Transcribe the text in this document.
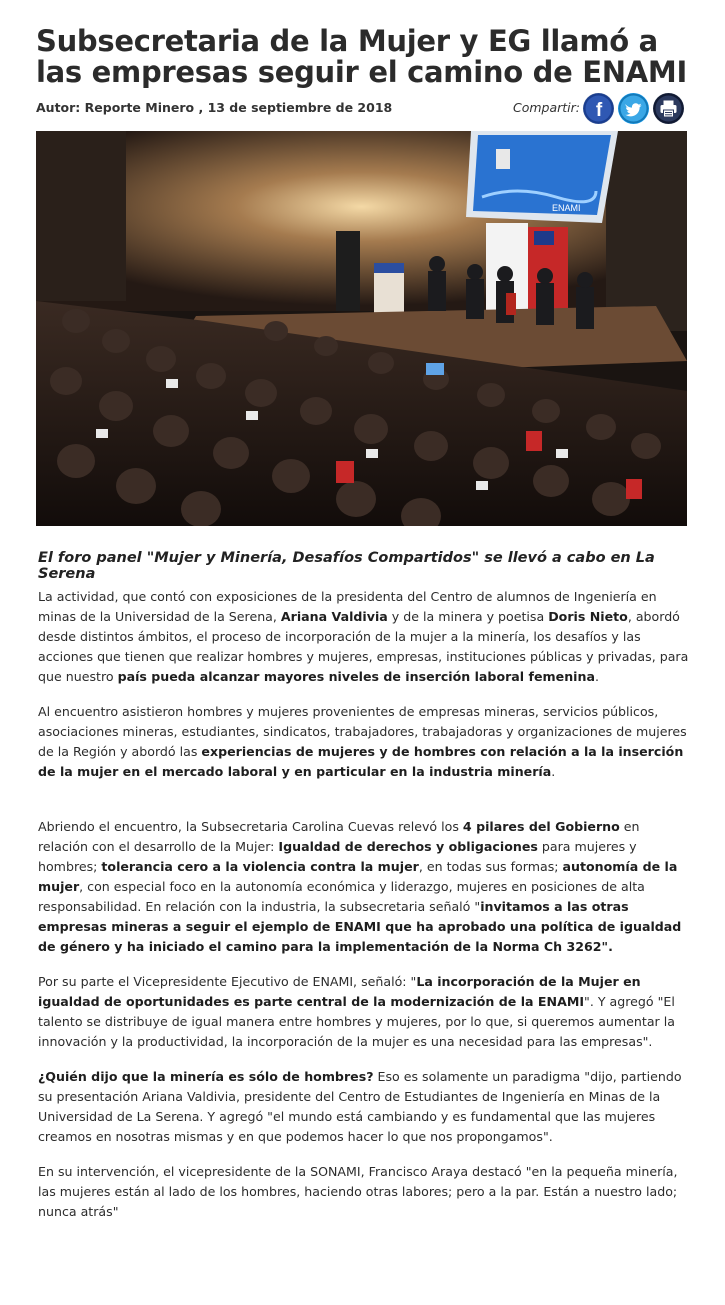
Subsecretaria de la Mujer y EG llamó a las empresas seguir el camino de ENAMI
Autor: Reporte Minero , 13 de septiembre de 2018	Compartir: f
ENAMI
El foro panel "Mujer y Minería, Desafíos Compartidos" se llevó a cabo en La Serena

La actividad, que contó con exposiciones de la presidenta del Centro de alumnos de Ingeniería en minas de la Universidad de la Serena, Ariana Valdivia y de la minera y poetisa Doris Nieto, abordó desde distintos ámbitos, el proceso de incorporación de la mujer a la minería, los desafíos y las acciones que tienen que realizar hombres y mujeres, empresas, instituciones públicas y privadas, para que nuestro país pueda alcanzar mayores niveles de inserción laboral femenina.

Al encuentro asistieron hombres y mujeres provenientes de empresas mineras, servicios públicos, asociaciones mineras, estudiantes, sindicatos, trabajadores, trabajadoras y organizaciones de mujeres de la Región y abordó las experiencias de mujeres y de hombres con relación a la la inserción de la mujer en el mercado laboral y en particular en la industria minería.

Abriendo el encuentro, la Subsecretaria Carolina Cuevas relevó los 4 pilares del Gobierno en relación con el desarrollo de la Mujer: Igualdad de derechos y obligaciones para mujeres y hombres; tolerancia cero a la violencia contra la mujer, en todas sus formas; autonomía de la mujer, con especial foco en la autonomía económica y liderazgo, mujeres en posiciones de alta responsabilidad. En relación con la industria, la subsecretaria señaló "invitamos a las otras empresas mineras a seguir el ejemplo de ENAMI que ha aprobado una política de igualdad de género y ha iniciado el camino para la implementación de la Norma Ch 3262".

Por su parte el Vicepresidente Ejecutivo de ENAMI, señaló: "La incorporación de la Mujer en igualdad de oportunidades es parte central de la modernización de la ENAMI". Y agregó "El talento se distribuye de igual manera entre hombres y mujeres, por lo que, si queremos aumentar la innovación y la productividad, la incorporación de la mujer es una necesidad para las empresas".

¿Quién dijo que la minería es sólo de hombres? Eso es solamente un paradigma "dijo, partiendo su presentación Ariana Valdivia, presidente del Centro de Estudiantes de Ingeniería en Minas de la Universidad de La Serena. Y agregó "el mundo está cambiando y es fundamental que las mujeres creamos en nosotras mismas y en que podemos hacer lo que nos propongamos".

En su intervención, el vicepresidente de la SONAMI, Francisco Araya destacó "en la pequeña minería, las mujeres están al lado de los hombres, haciendo otras labores; pero a la par. Están a nuestro lado; nunca atrás"
